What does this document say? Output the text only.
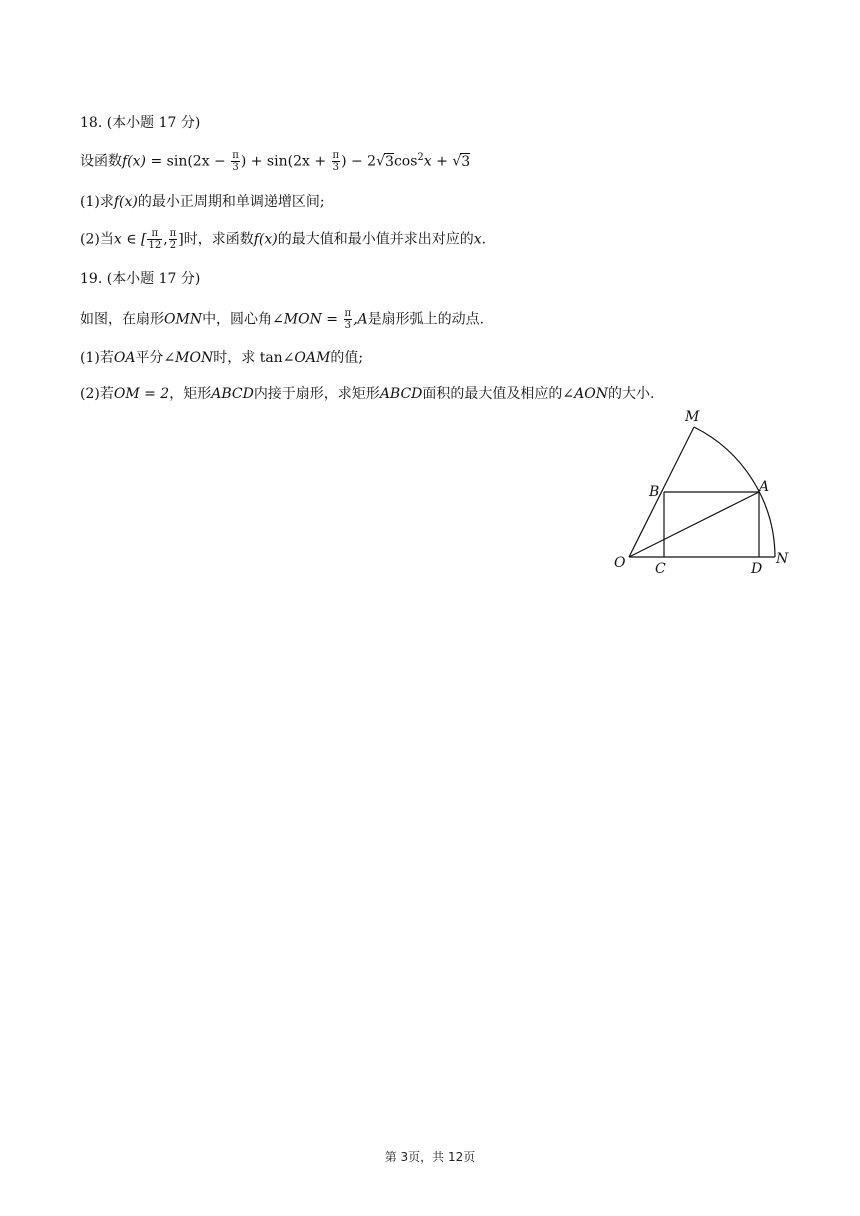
18. (本小题 17 分)
设函数$f(x) = \sin(2x - \frac{\pi}{3}$ ) + $\sin(2x + \frac{\pi}{3}$ ) − $2√3\cos^2x + √3$
(1)求f(x)的最小正周期和单调递增区间;
(2)当x ∈ [ $\frac{\pi}{12}$ , $\frac{\pi}{2}$ ]时，求函数f(x)的最大值和最小值并求出对应的x.
19. (本小题 17 分)
如图，在扇形OMN中，圆心角∠MON = $\frac{\pi}{3} ,A$是扇形弧上的动点.
(1)若OA平分∠MON时，求 tan∠OAM的值;
(2)若OM = 2，矩形ABCD内接于扇形，求矩形ABCD面积的最大值及相应的∠AON的大小.
M
B	A
O C	D
N
第 3页，共 12页
